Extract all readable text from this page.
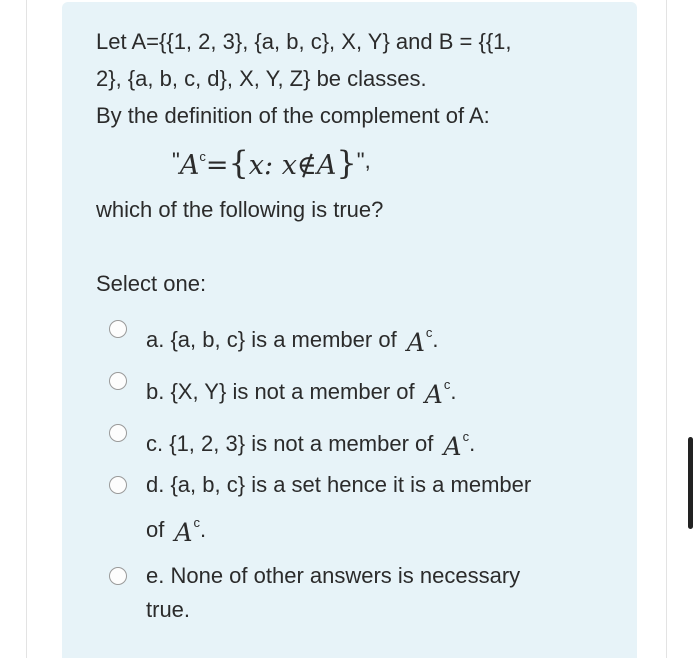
Let A={{1, 2, 3}, {a, b, c}, X, Y} and B = {{1,
2}, {a, b, c, d}, X, Y, Z} be classes.
By the definition of the complement of A:
$^"A^c=\{x$: x∉A}",
which of the following is true?
Select one:
a. {a, b, c} is a member of $A^c$.
b. {X, Y} is not a member of $A^c$.
c. {1, 2, 3} is not a member of $A^c$.
d. {a, b, c} is a set hence it is a member
of $A^c$.
e. None of other answers is necessary
true.
